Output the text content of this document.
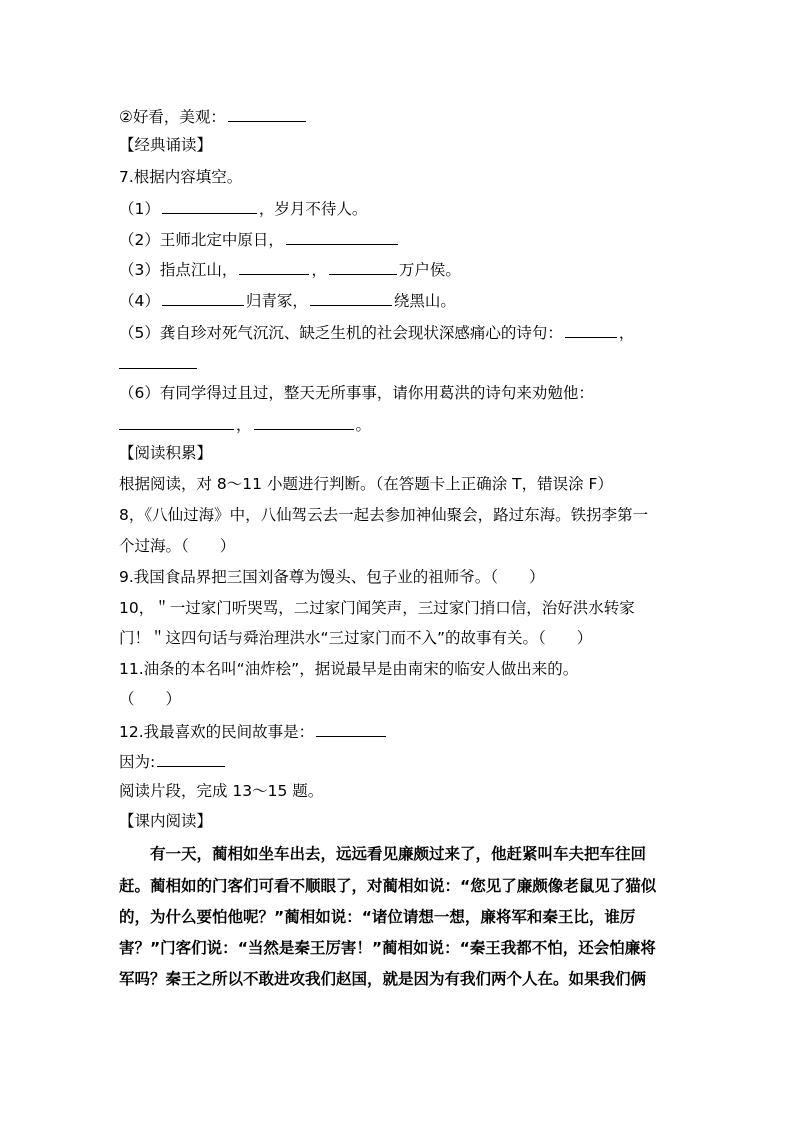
②好看，美观：
【经典诵读】
7.根据内容填空。
（1）	，岁月不待人。
（2）王师北定中原日，
（3）指点江山，	，	万户侯。
（4）	归青冢，	绕黑山。
（5）龚自珍对死气沉沉、缺乏生机的社会现状深感痛心的诗句：	，
（6）有同学得过且过，整天无所事事，请你用葛洪的诗句来劝勉他：
，	。
【阅读积累】
根据阅读，对 8～11 小题进行判断。（在答题卡上正确涂 T，错误涂 F）
8，《八仙过海》中，八仙驾云去一起去参加神仙聚会，路过东海。铁拐李第一
个过海。（　　）
9.我国食品界把三国刘备尊为馒头、包子业的祖师爷。（　　）
10，＂一过家门听哭骂，二过家门闻笑声，三过家门捎口信，治好洪水转家
门！＂这四句话与舜治理洪水“三过家门而不入”的故事有关。（　　）
11.油条的本名叫“油炸桧”，据说最早是由南宋的临安人做出来的。
（　　）
12.我最喜欢的民间故事是：
因为:
阅读片段，完成 13～15 题。
【课内阅读】
有一天，蔺相如坐车出去，远远看见廉颇过来了，他赶紧叫车夫把车往回
赶。蔺相如的门客们可看不顺眼了，对蔺相如说：“您见了廉颇像老鼠见了猫似
的，为什么要怕他呢？”蔺相如说：“诸位请想一想，廉将军和秦王比，谁厉
害？”门客们说：“当然是秦王厉害！”蔺相如说：“秦王我都不怕，还会怕廉将
军吗？秦王之所以不敢进攻我们赵国，就是因为有我们两个人在。如果我们俩
